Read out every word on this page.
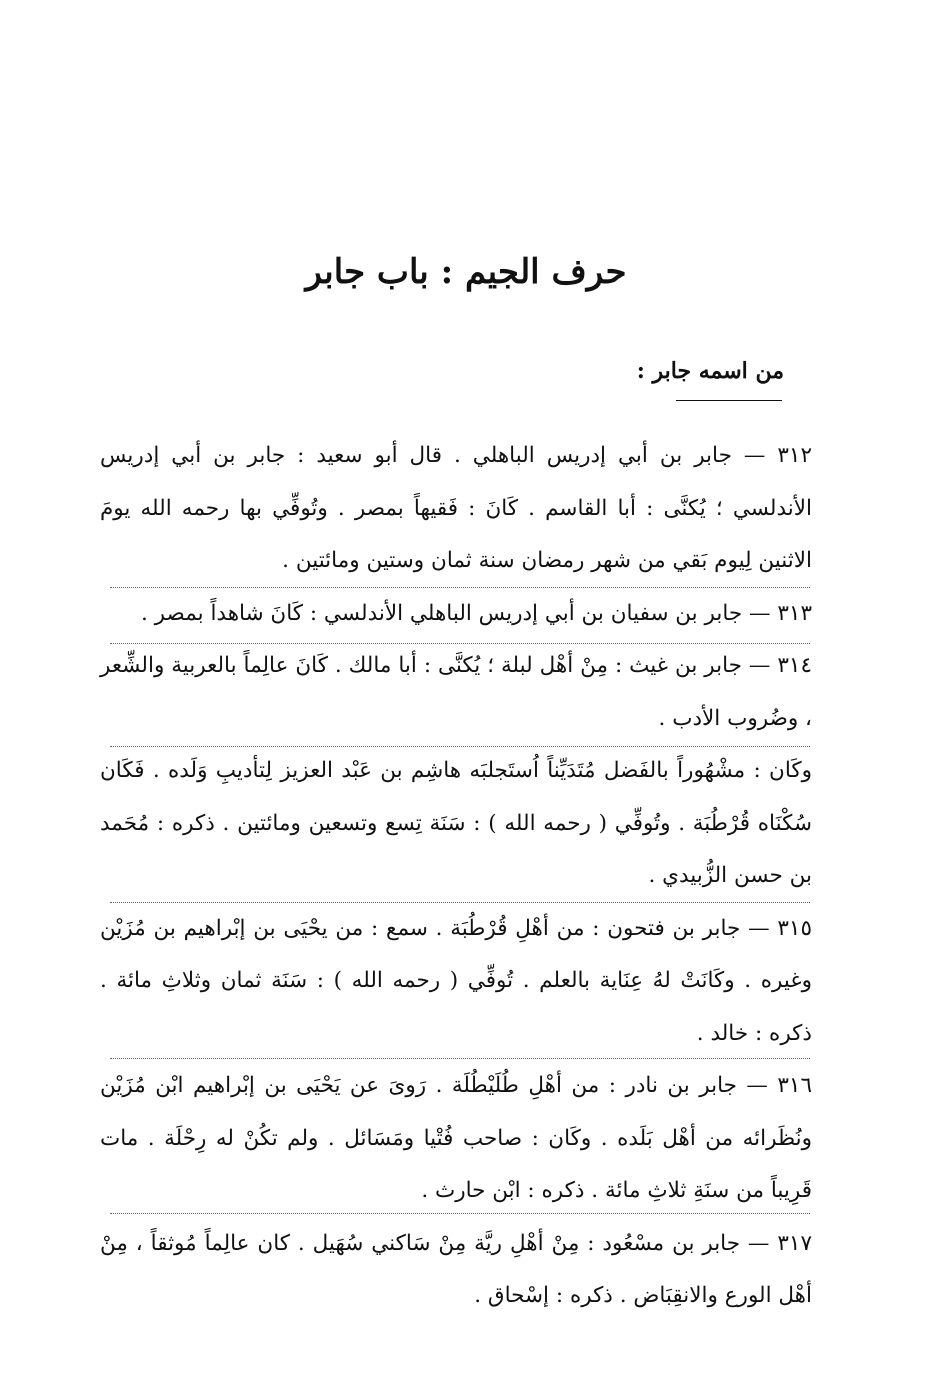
حرف الجيم : باب جابر
من اسمه جابر :

٣١٢ — جابر بن أبي إدريس الباهلي . قال أبو سعيد : جابر بن أبي إدريس الأندلسي ؛ يُكنَّى : أبا القاسم . كَانَ : فَقيهاً بمصر . وتُوفِّي بها رحمه الله يومَ الاثنين لِيوم بَقي من شهر رمضان سنة ثمان وستين ومائتين .

٣١٣ — جابر بن سفيان بن أبي إدريس الباهلي الأندلسي : كَانَ شاهداً بمصر .

٣١٤ — جابر بن غيث : مِنْ أهْل لبلة ؛ يُكنَّى : أبا مالك . كَانَ عالِماً بالعربية والشِّعر ، وضُروب الأدب .

وكَان : مشْهُوراً بالفَضل مُتَدَيِّناً اُستَجلبَه هاشِم بن عَبْد العزيز لِتأديبِ وَلَده . فَكَان سُكْنَاه قُرْطُبَة . وتُوفِّي ( رحمه الله ) : سَنَة تِسع وتسعين ومائتين . ذكره : مُحَمد بن حسن الزُّبيدي .

٣١٥ — جابر بن فتحون : من أهْلِ قُرْطُبَة . سمع : من يحْيَى بن إبْراهيم بن مُزَيْن وغيره . وكَانَتْ لهُ عِنَاية بالعلم . تُوفِّي ( رحمه الله ) : سَنَة ثمان وثلاثِ مائة . ذكره : خالد .

٣١٦ — جابر بن نادر : من أهْلِ طُلَيْطُلَة . رَوىَ عن يَحْيَى بن إبْراهيم ابْن مُزَيْن ونُظَرائه من أهْل بَلَده . وكَان : صاحب فُتْيا ومَسَائل . ولم تكُنْ له رِحْلَة . مات قَرِيباً من سنَةِ ثلاثِ مائة . ذكره : ابْن حارث .

٣١٧ — جابر بن مسْعُود : مِنْ أهْلِ ريَّة مِنْ سَاكني سُهَيل . كان عالِماً مُوثقاً ، مِنْ أهْل الورع والانقِبَاض . ذكره : إسْحاق .
